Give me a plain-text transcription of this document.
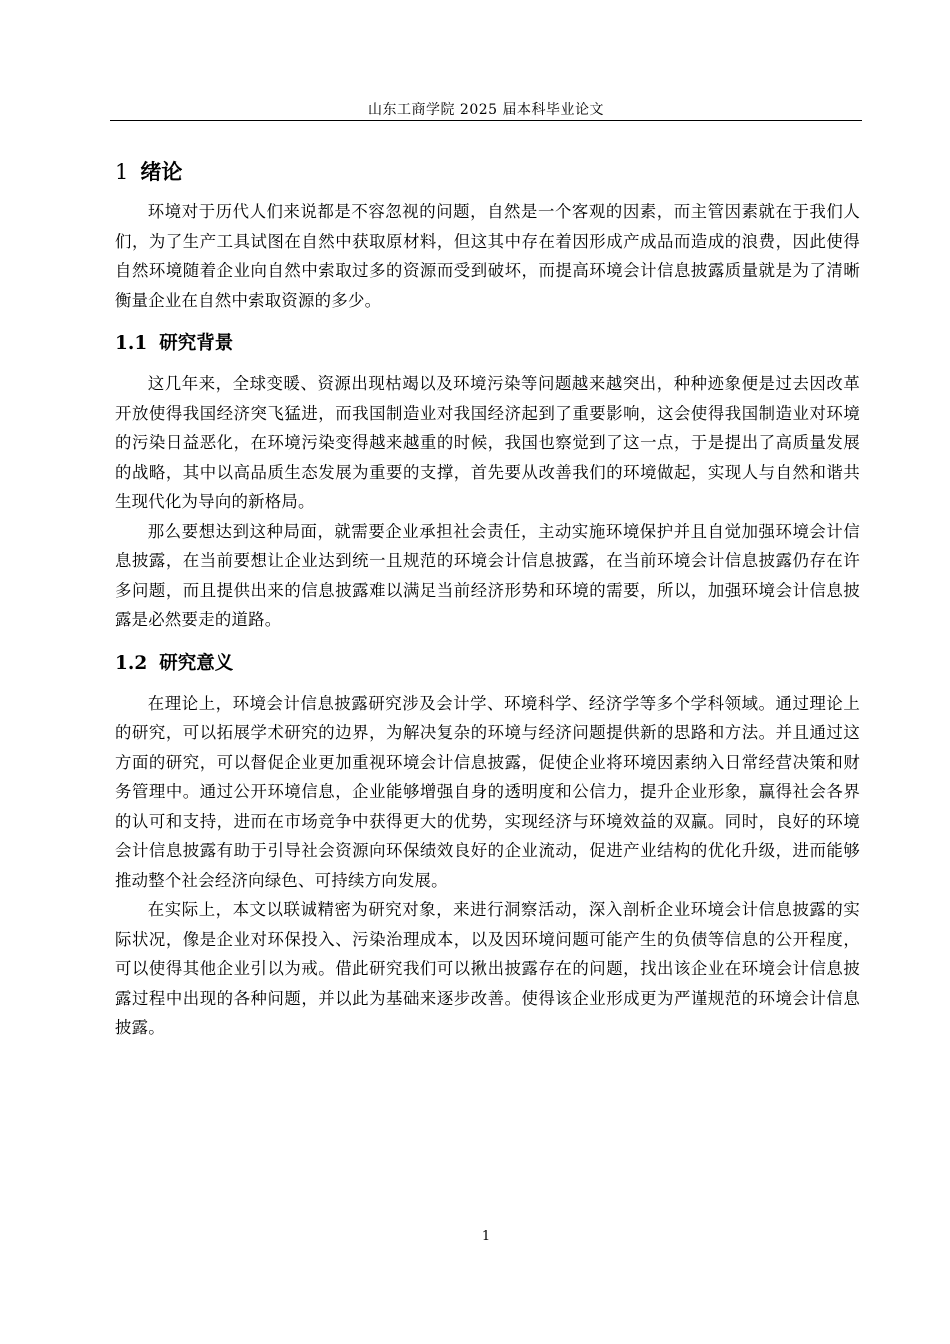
山东工商学院 2025 届本科毕业论文
1 绪论

环境对于历代人们来说都是不容忽视的问题，自然是一个客观的因素，而主管因素就在于我们人们，为了生产工具试图在自然中获取原材料，但这其中存在着因形成产成品而造成的浪费，因此使得自然环境随着企业向自然中索取过多的资源而受到破坏，而提高环境会计信息披露质量就是为了清晰衡量企业在自然中索取资源的多少。

1.1 研究背景

这几年来，全球变暖、资源出现枯竭以及环境污染等问题越来越突出，种种迹象便是过去因改革开放使得我国经济突飞猛进，而我国制造业对我国经济起到了重要影响，这会使得我国制造业对环境的污染日益恶化，在环境污染变得越来越重的时候，我国也察觉到了这一点，于是提出了高质量发展的战略，其中以高品质生态发展为重要的支撑，首先要从改善我们的环境做起，实现人与自然和谐共生现代化为导向的新格局。

那么要想达到这种局面，就需要企业承担社会责任，主动实施环境保护并且自觉加强环境会计信息披露，在当前要想让企业达到统一且规范的环境会计信息披露，在当前环境会计信息披露仍存在许多问题，而且提供出来的信息披露难以满足当前经济形势和环境的需要，所以，加强环境会计信息披露是必然要走的道路。

1.2 研究意义

在理论上，环境会计信息披露研究涉及会计学、环境科学、经济学等多个学科领域。通过理论上的研究，可以拓展学术研究的边界，为解决复杂的环境与经济问题提供新的思路和方法。并且通过这方面的研究，可以督促企业更加重视环境会计信息披露，促使企业将环境因素纳入日常经营决策和财务管理中。通过公开环境信息，企业能够增强自身的透明度和公信力，提升企业形象，赢得社会各界的认可和支持，进而在市场竞争中获得更大的优势，实现经济与环境效益的双赢。同时，良好的环境会计信息披露有助于引导社会资源向环保绩效良好的企业流动，促进产业结构的优化升级，进而能够推动整个社会经济向绿色、可持续方向发展。

在实际上，本文以联诚精密为研究对象，来进行洞察活动，深入剖析企业环境会计信息披露的实际状况，像是企业对环保投入、污染治理成本，以及因环境问题可能产生的负债等信息的公开程度，可以使得其他企业引以为戒。借此研究我们可以揪出披露存在的问题，找出该企业在环境会计信息披露过程中出现的各种问题，并以此为基础来逐步改善。使得该企业形成更为严谨规范的环境会计信息披露。

1
